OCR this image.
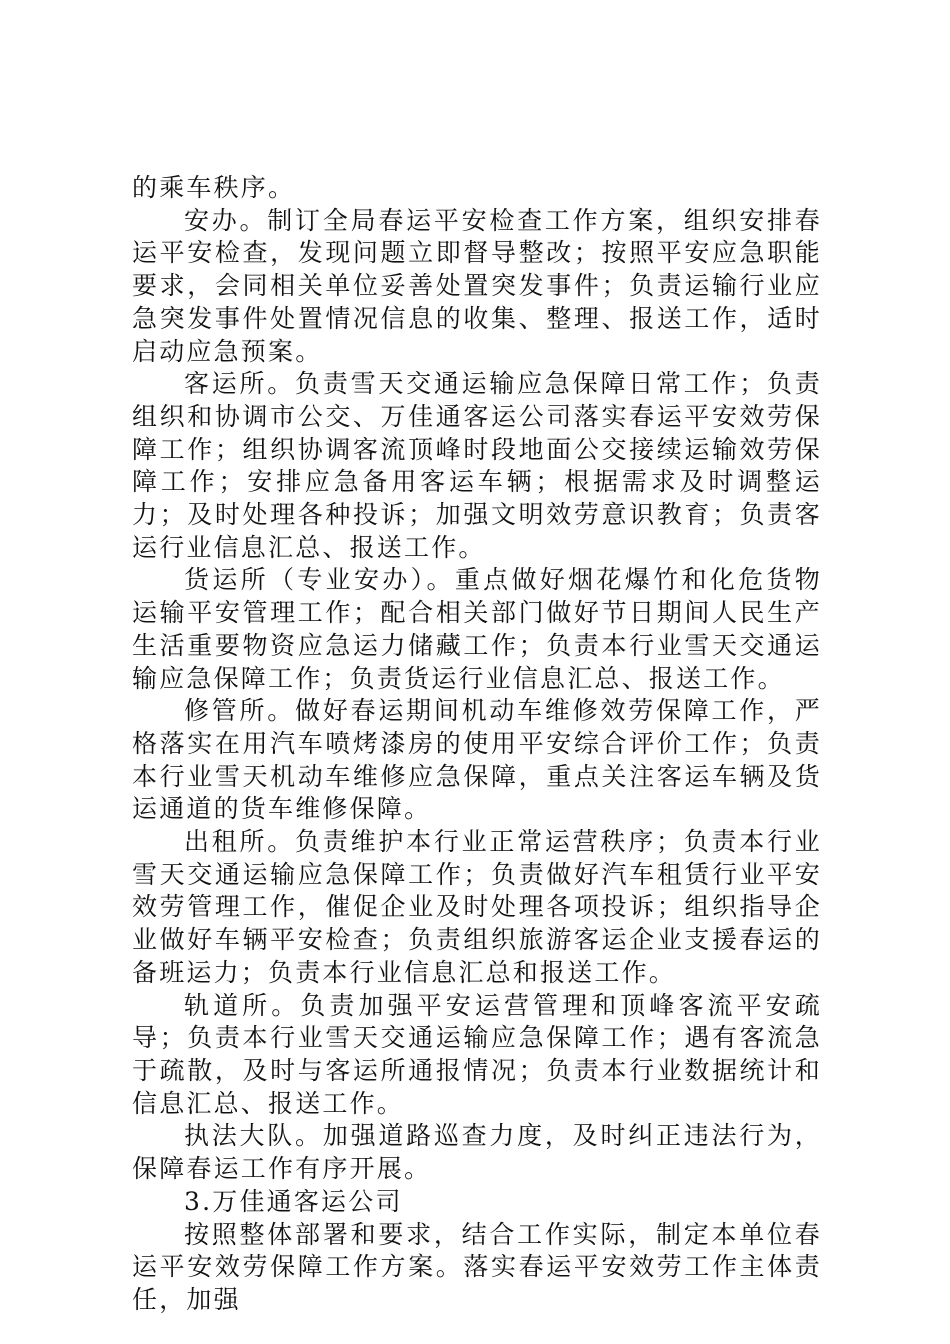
的乘车秩序。

安办。制订全局春运平安检查工作方案，组织安排春运平安检查，发现问题立即督导整改；按照平安应急职能要求，会同相关单位妥善处置突发事件；负责运输行业应急突发事件处置情况信息的收集、整理、报送工作，适时启动应急预案。

客运所。负责雪天交通运输应急保障日常工作；负责组织和协调市公交、万佳通客运公司落实春运平安效劳保障工作；组织协调客流顶峰时段地面公交接续运输效劳保障工作；安排应急备用客运车辆；根据需求及时调整运力；及时处理各种投诉；加强文明效劳意识教育；负责客运行业信息汇总、报送工作。

货运所（专业安办）。重点做好烟花爆竹和化危货物运输平安管理工作；配合相关部门做好节日期间人民生产生活重要物资应急运力储藏工作；负责本行业雪天交通运输应急保障工作；负责货运行业信息汇总、报送工作。

修管所。做好春运期间机动车维修效劳保障工作，严格落实在用汽车喷烤漆房的使用平安综合评价工作；负责本行业雪天机动车维修应急保障，重点关注客运车辆及货运通道的货车维修保障。

出租所。负责维护本行业正常运营秩序；负责本行业雪天交通运输应急保障工作；负责做好汽车租赁行业平安效劳管理工作，催促企业及时处理各项投诉；组织指导企业做好车辆平安检查；负责组织旅游客运企业支援春运的备班运力；负责本行业信息汇总和报送工作。

轨道所。负责加强平安运营管理和顶峰客流平安疏导；负责本行业雪天交通运输应急保障工作；遇有客流急于疏散，及时与客运所通报情况；负责本行业数据统计和信息汇总、报送工作。

执法大队。加强道路巡查力度，及时纠正违法行为，保障春运工作有序开展。

3.万佳通客运公司

按照整体部署和要求，结合工作实际，制定本单位春运平安效劳保障工作方案。落实春运平安效劳工作主体责任，加强
